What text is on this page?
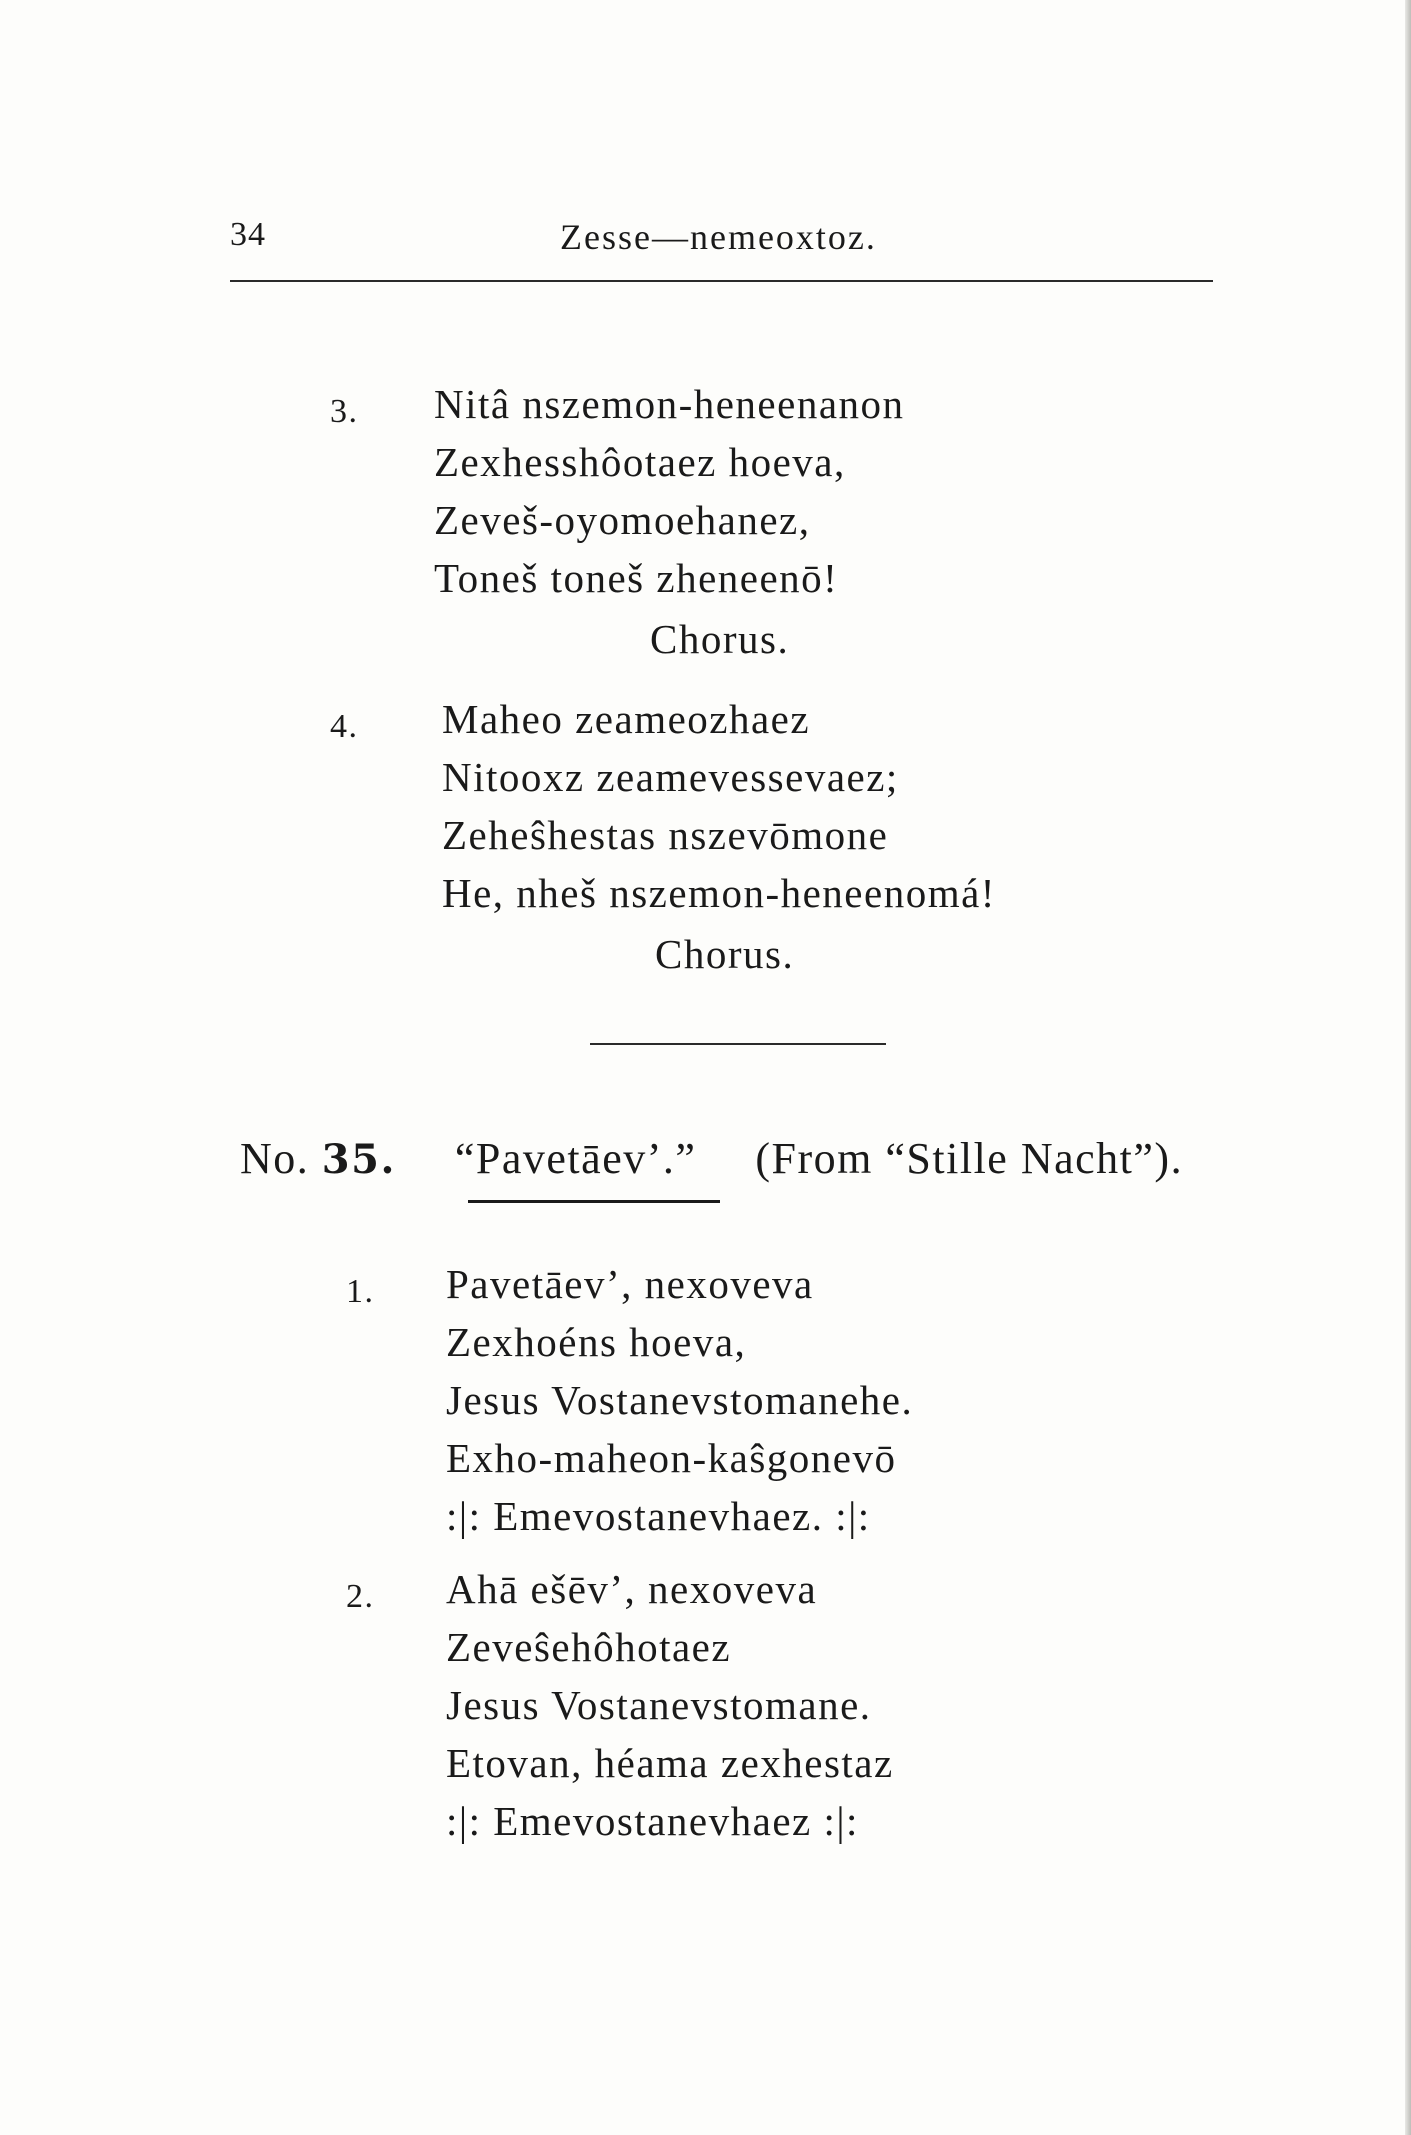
34	Zesse—nemeoxtoz.
3. Nitâ nszemon-heneenanon
Zexhesshôotaez hoeva,
Zeveš-oyomoehanez,
Toneš toneš zheneenō!
Chorus.
4. Maheo zeameozhaez
Nitooxz zeamevessevaez;
Zeheŝhestas nszevōmone
He, nheš nszemon-heneenomá!
Chorus.
No. 35. “Pavetāev’.” (From “Stille Nacht”).
1. Pavetāev’, nexoveva
Zexhoéns hoeva,
Jesus Vostanevstomanehe.
Exho-maheon-kaŝgonevō
:|: Emevostanevhaez. :|:
2. Ahā ešēv’, nexoveva
Zeveŝehôhotaez
Jesus Vostanevstomane.
Etovan, héama zexhestaz
:|: Emevostanevhaez :|:
